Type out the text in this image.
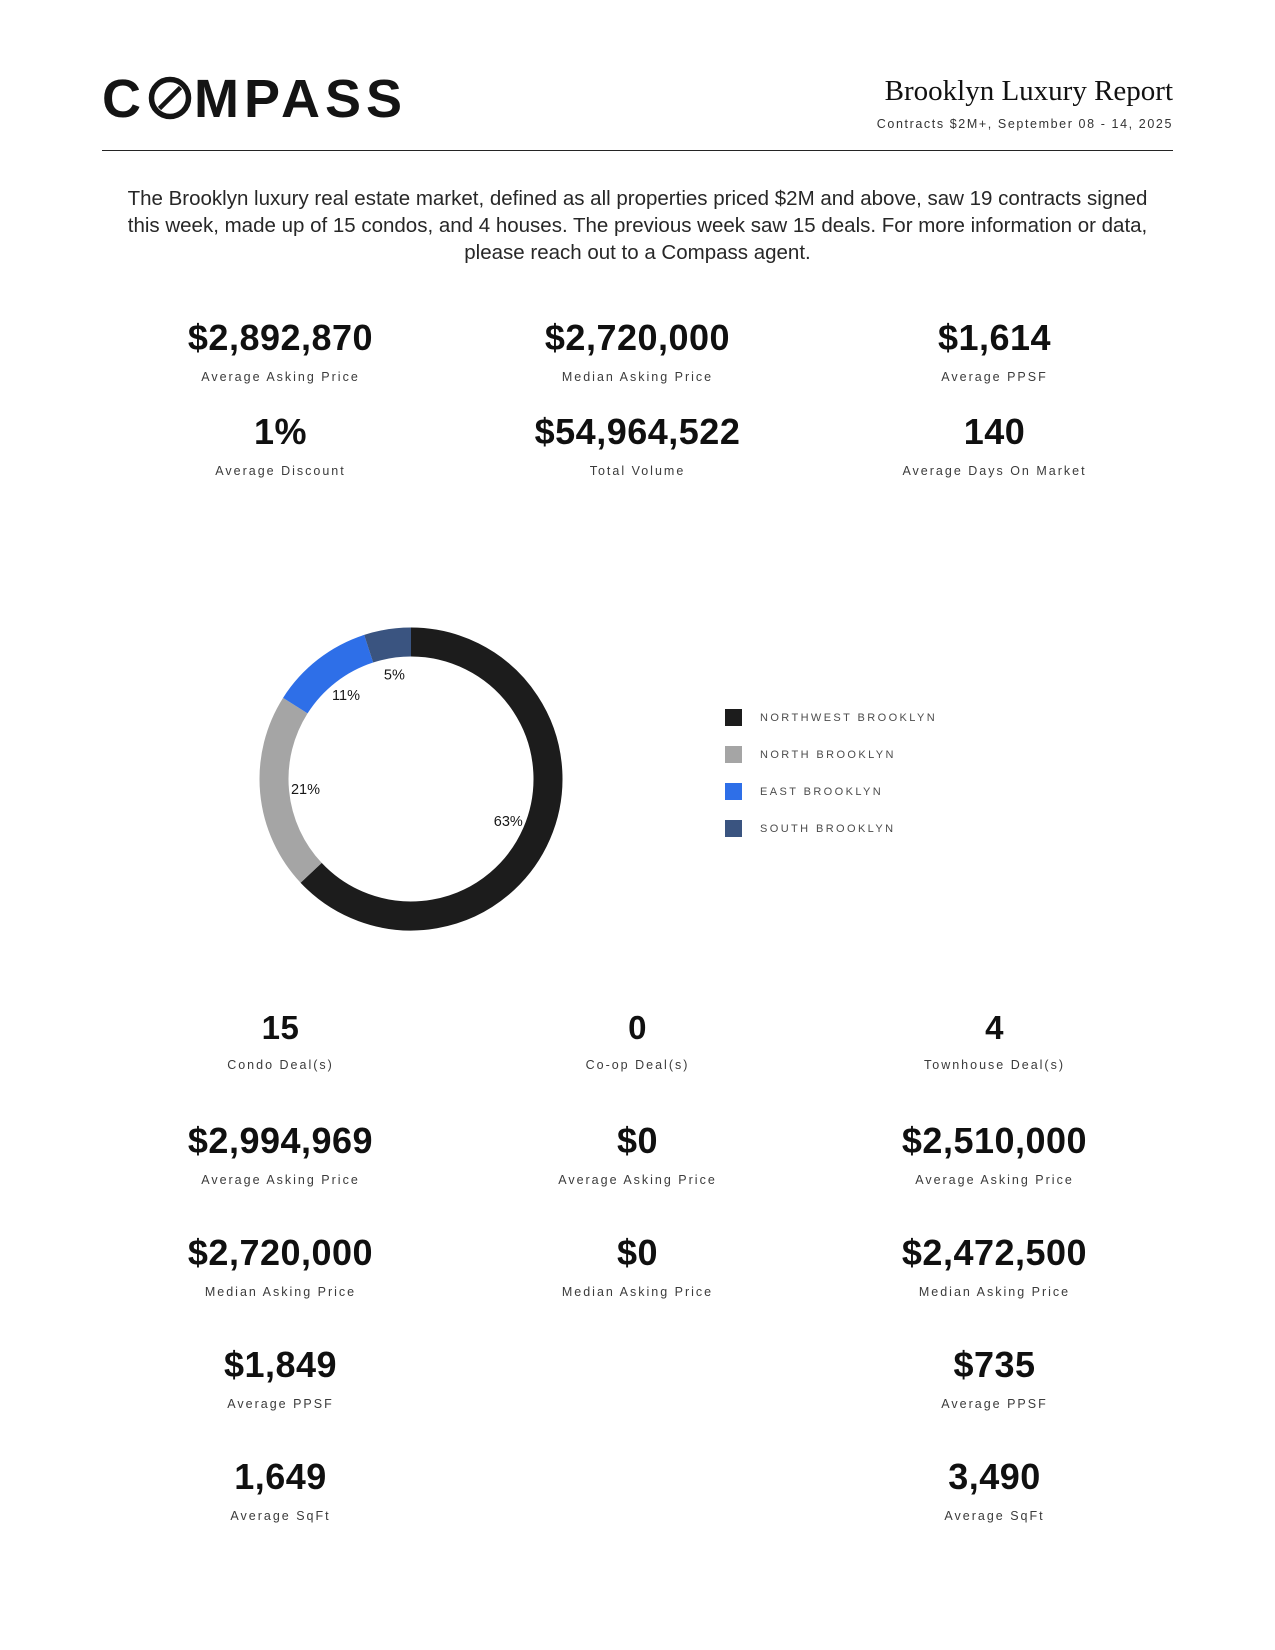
C MPASS	Brooklyn Luxury Report
Contracts $2M+, September 08 - 14, 2025

The Brooklyn luxury real estate market, defined as all properties priced $2M and above, saw 19 contracts signed this week, made up of 15 condos, and 4 houses. The previous week saw 15 deals. For more information or data, please reach out to a Compass agent.

$2,892,870
Average Asking Price
$2,720,000
Median Asking Price
$1,614
Average PPSF
1%
Average Discount
$54,964,522
Total Volume
140
Average Days On Market
63%
21%
11%
5%
NORTHWEST BROOKLYN
NORTH BROOKLYN
EAST BROOKLYN
SOUTH BROOKLYN
15
Condo Deal(s)
0
Co-op Deal(s)
4
Townhouse Deal(s)
$2,994,969
Average Asking Price
$0
Average Asking Price
$2,510,000
Average Asking Price
$2,720,000
Median Asking Price
$0
Median Asking Price
$2,472,500
Median Asking Price
$1,849
Average PPSF
$735
Average PPSF
1,649
Average SqFt
3,490
Average SqFt
